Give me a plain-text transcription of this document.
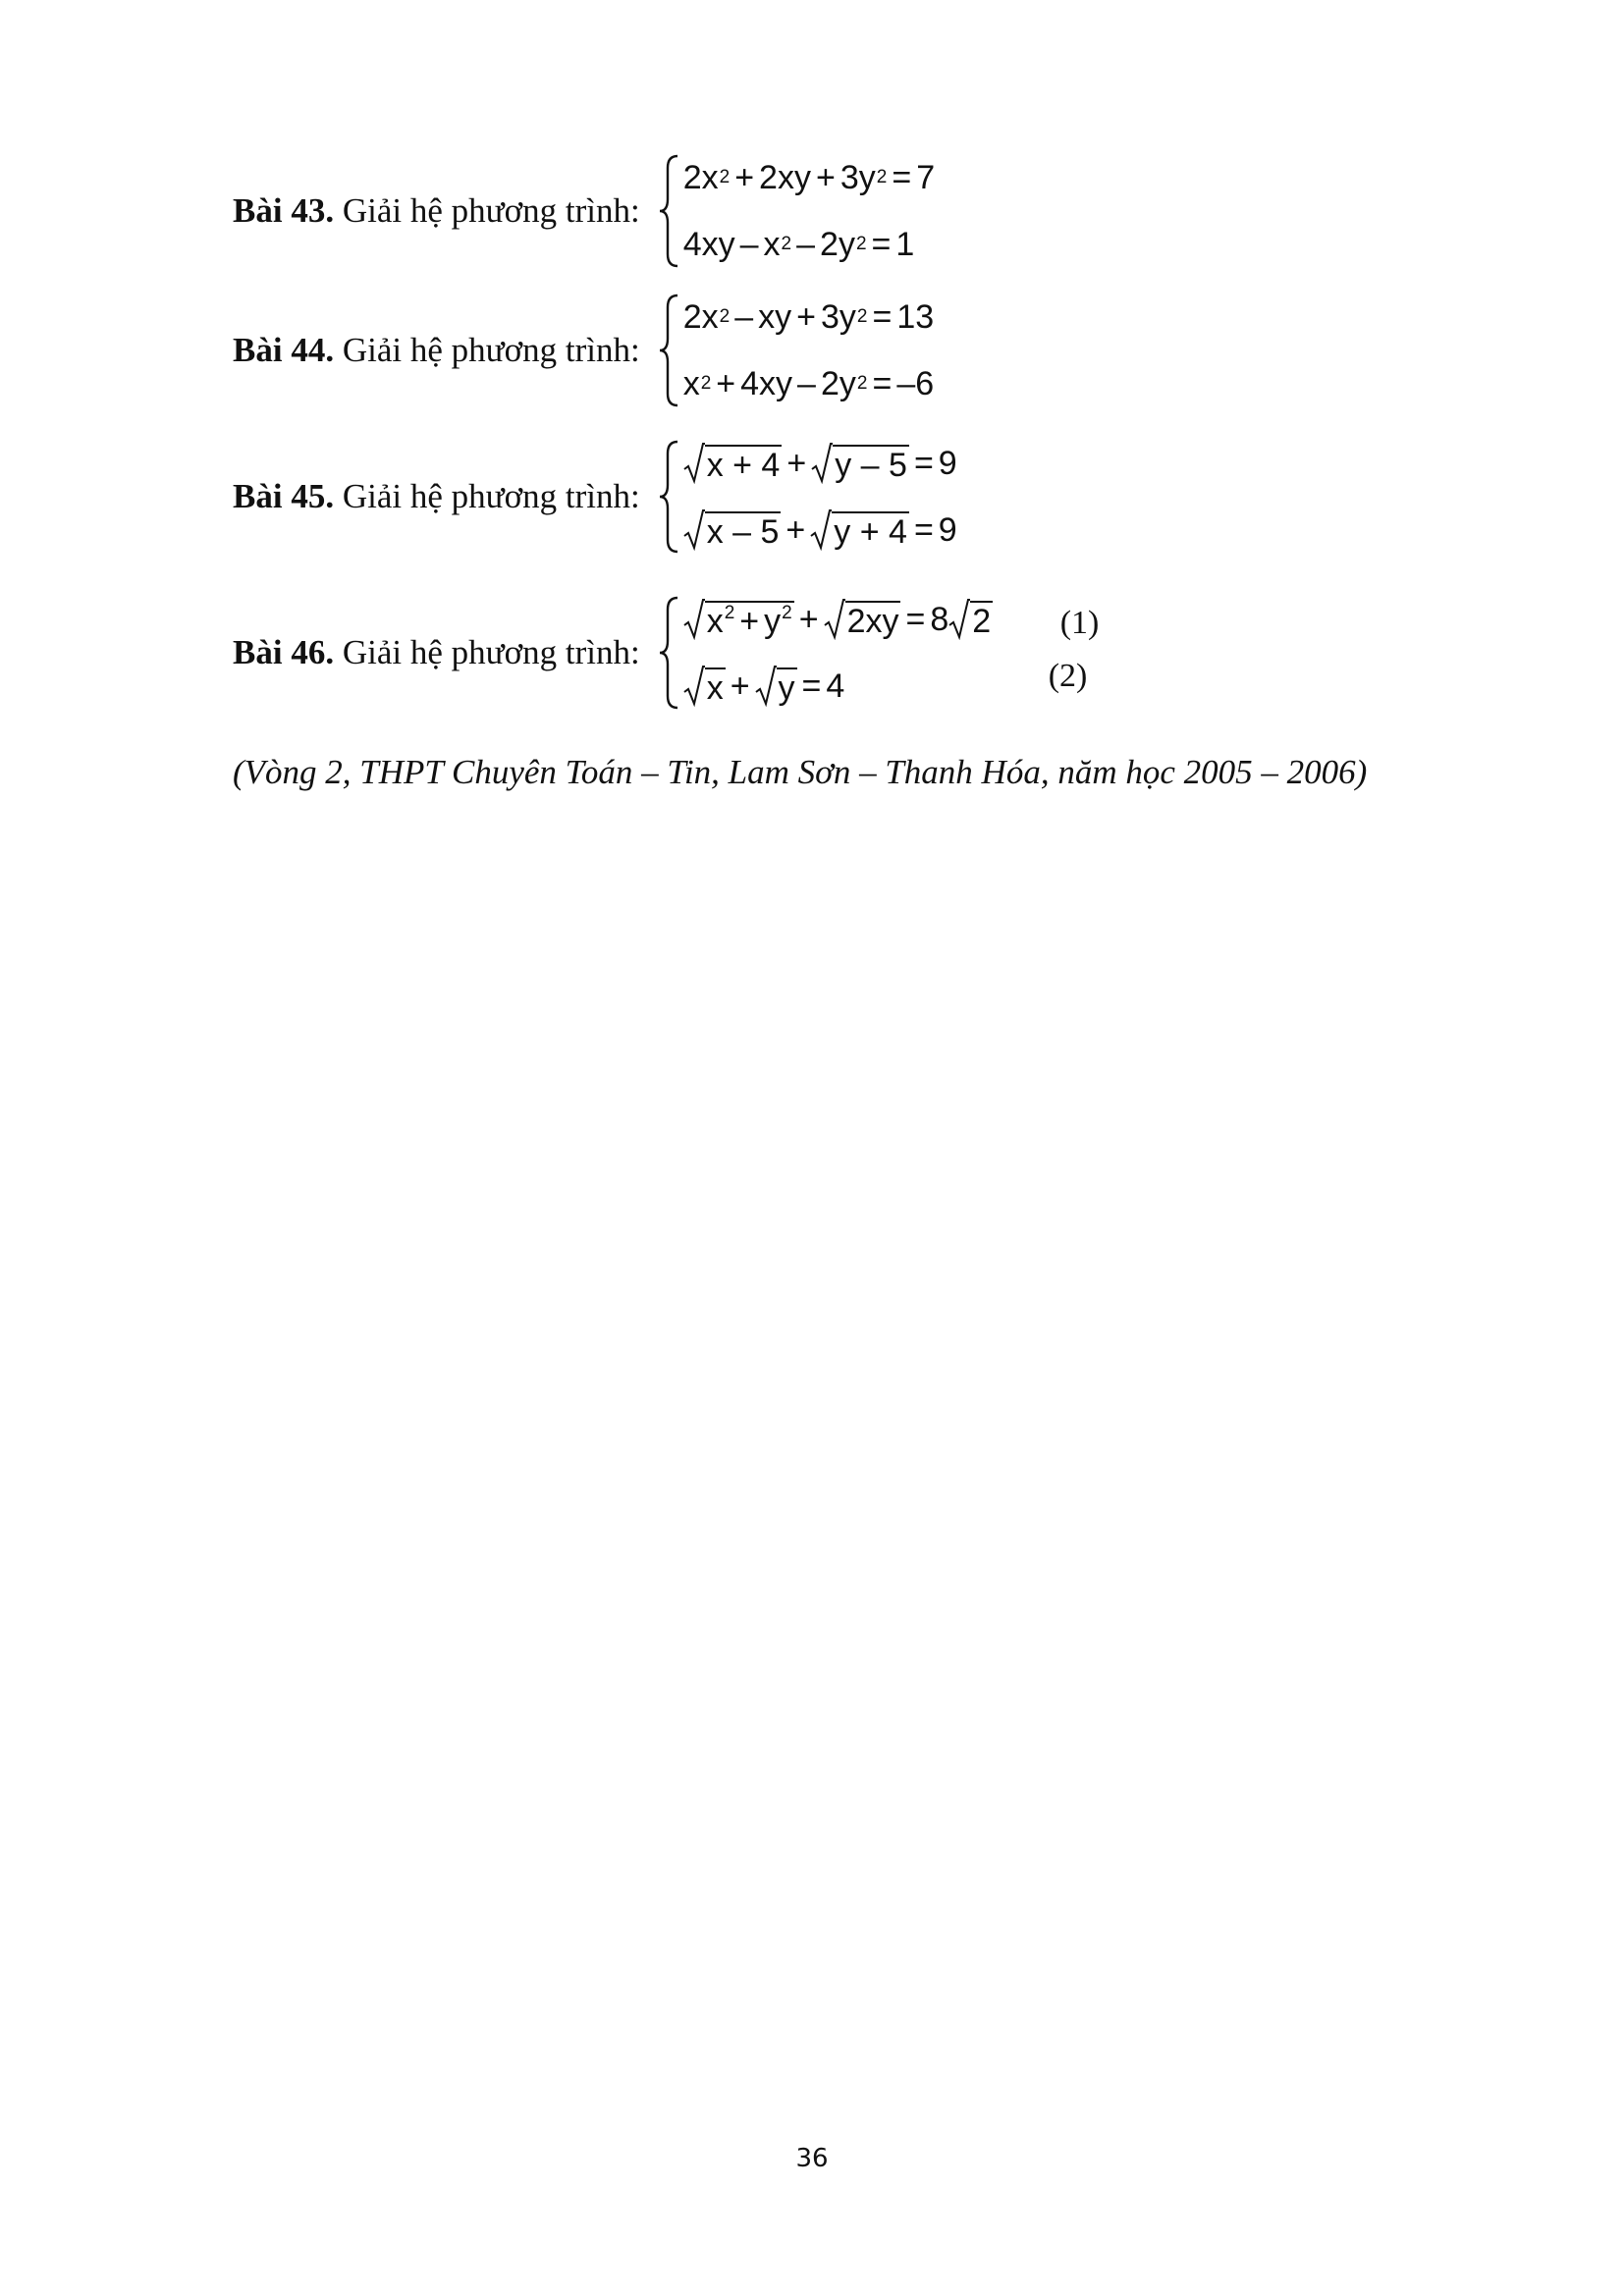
Bài 43. Giải hệ phương trình:
2x 2 + 2xy + 3y 2 = 7
4xy – x 2 – 2y 2 = 1
Bài 44. Giải hệ phương trình:
2x 2 – xy + 3y 2 = 13
x 2 + 4xy – 2y 2 = –6
Bài 45. Giải hệ phương trình:
x + 4 + y – 5 = 9
x – 5 + y + 4 = 9
Bài 46. Giải hệ phương trình:
$x^2 + y^2 + 2xy = 8$ 2
x + y = 4
(1)
(2)
(Vòng 2, THPT Chuyên Toán – Tin, Lam Sơn – Thanh Hóa, năm học 2005 – 2006)
36
